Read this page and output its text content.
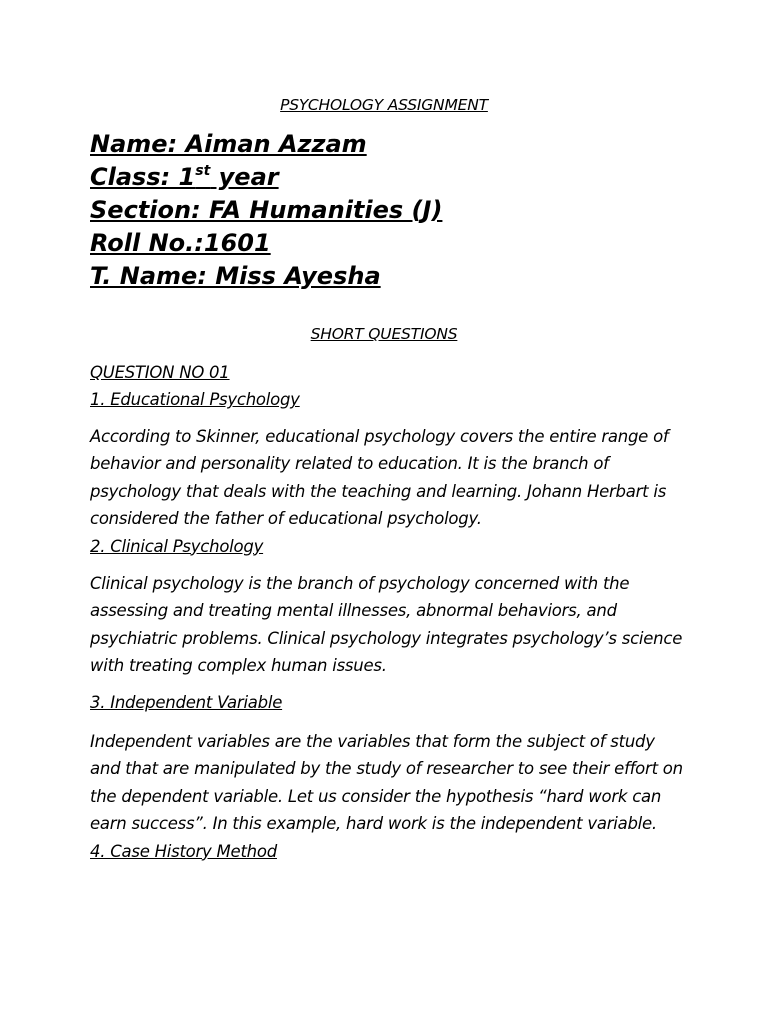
PSYCHOLOGY ASSIGNMENT
Name: Aiman Azzam
Class: 1st year
Section: FA Humanities (J)
Roll No.:1601
T. Name: Miss Ayesha
SHORT QUESTIONS
QUESTION NO 01
1. Educational Psychology

According to Skinner, educational psychology covers the entire range of behavior and personality related to education. It is the branch of psychology that deals with the teaching and learning. Johann Herbart is considered the father of educational psychology.

2. Clinical Psychology

Clinical psychology is the branch of psychology concerned with the assessing and treating mental illnesses, abnormal behaviors, and psychiatric problems. Clinical psychology integrates psychology’s science with treating complex human issues.

3. Independent Variable

Independent variables are the variables that form the subject of study and that are manipulated by the study of researcher to see their effort on the dependent variable. Let us consider the hypothesis “hard work can earn success”. In this example, hard work is the independent variable.

4. Case History Method
